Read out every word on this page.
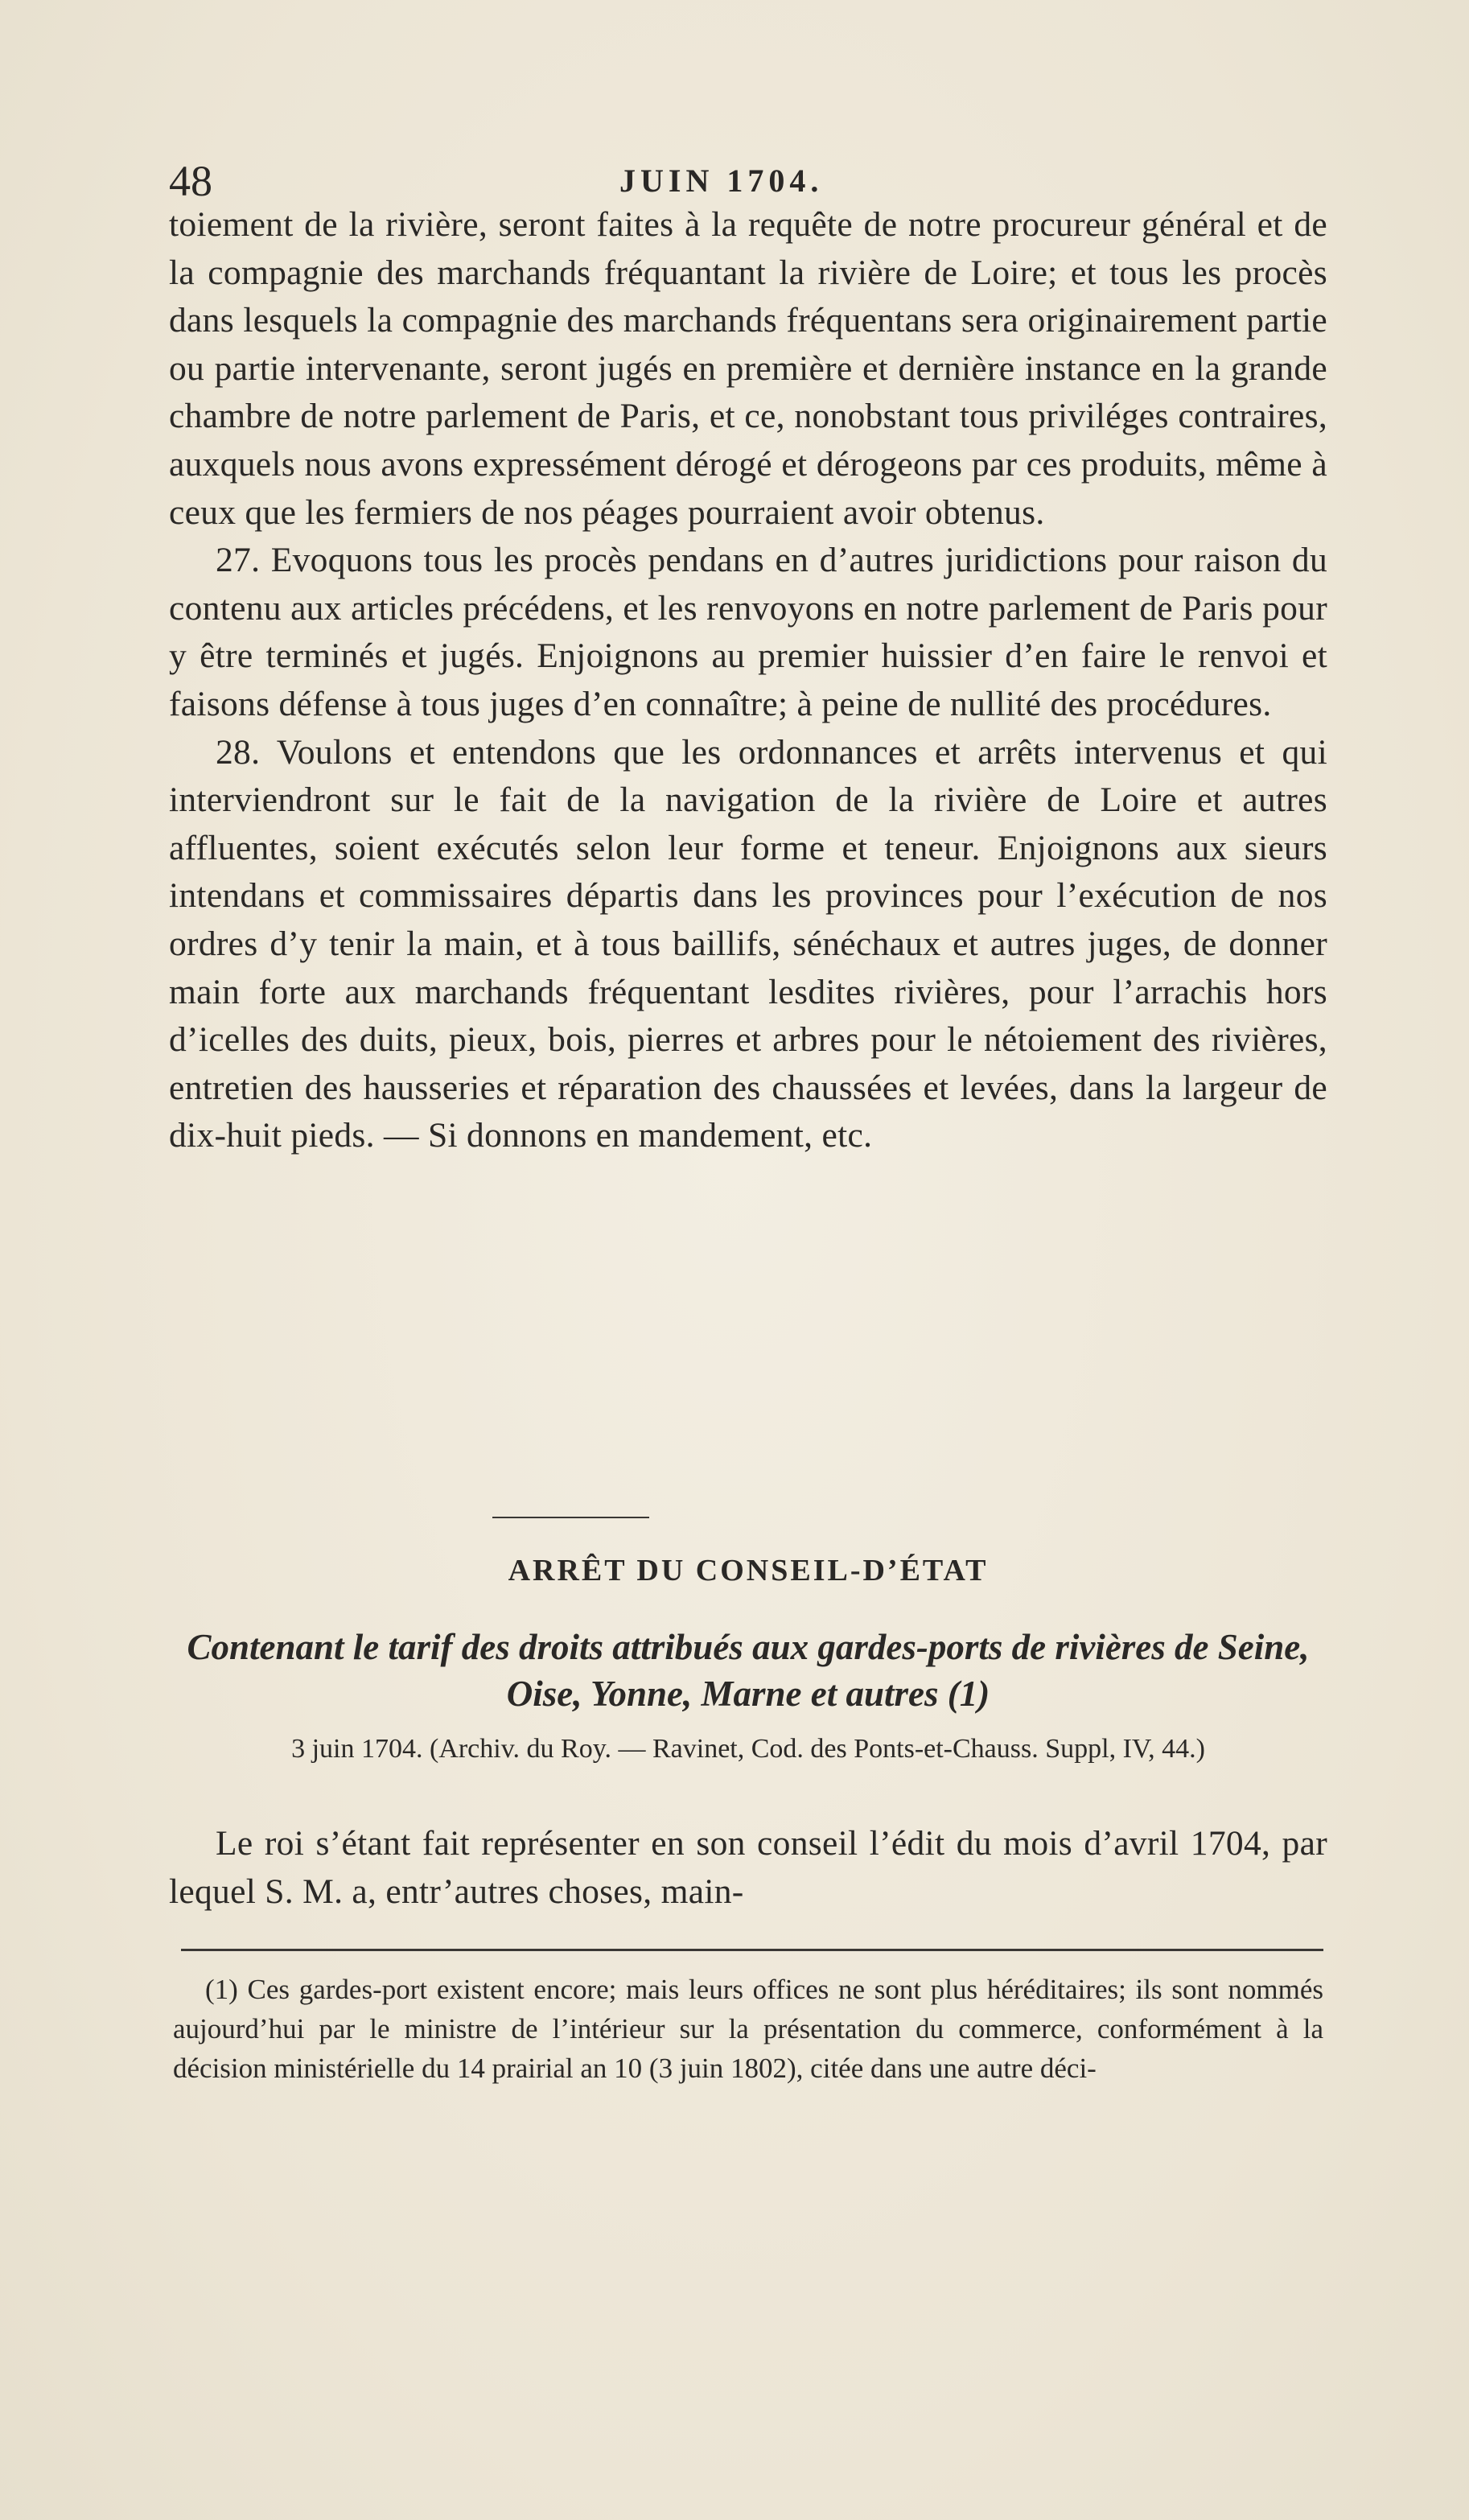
48	JUIN 1704.

toiement de la rivière, seront faites à la requête de notre procureur général et de la compagnie des marchands fréquantant la rivière de Loire; et tous les procès dans lesquels la compagnie des marchands fréquentans sera originairement partie ou partie intervenante, seront jugés en première et dernière instance en la grande chambre de notre parlement de Paris, et ce, nonobstant tous priviléges contraires, auxquels nous avons expressément dérogé et dérogeons par ces produits, même à ceux que les fermiers de nos péages pourraient avoir obtenus.

27. Evoquons tous les procès pendans en d’autres juridictions pour raison du contenu aux articles précédens, et les renvoyons en notre parlement de Paris pour y être terminés et jugés. Enjoignons au premier huissier d’en faire le renvoi et faisons défense à tous juges d’en connaître; à peine de nullité des procédures.

28. Voulons et entendons que les ordonnances et arrêts intervenus et qui interviendront sur le fait de la navigation de la rivière de Loire et autres affluentes, soient exécutés selon leur forme et teneur. Enjoignons aux sieurs intendans et commissaires départis dans les provinces pour l’exécution de nos ordres d’y tenir la main, et à tous baillifs, sénéchaux et autres juges, de donner main forte aux marchands fréquentant lesdites rivières, pour l’arrachis hors d’icelles des duits, pieux, bois, pierres et arbres pour le nétoiement des rivières, entretien des hausseries et réparation des chaussées et levées, dans la largeur de dix-huit pieds. — Si donnons en mandement, etc.

ARRÊT DU CONSEIL-D’ÉTAT
Contenant le tarif des droits attribués aux gardes-ports de rivières de Seine, Oise, Yonne, Marne et autres (1)
3 juin 1704. (Archiv. du Roy. — Ravinet, Cod. des Ponts-et-Chauss. Suppl, IV, 44.)

Le roi s’étant fait représenter en son conseil l’édit du mois d’avril 1704, par lequel S. M. a, entr’autres choses, main-

(1) Ces gardes-port existent encore; mais leurs offices ne sont plus héréditaires; ils sont nommés aujourd’hui par le ministre de l’intérieur sur la présentation du commerce, conformément à la décision ministérielle du 14 prairial an 10 (3 juin 1802), citée dans une autre déci-
